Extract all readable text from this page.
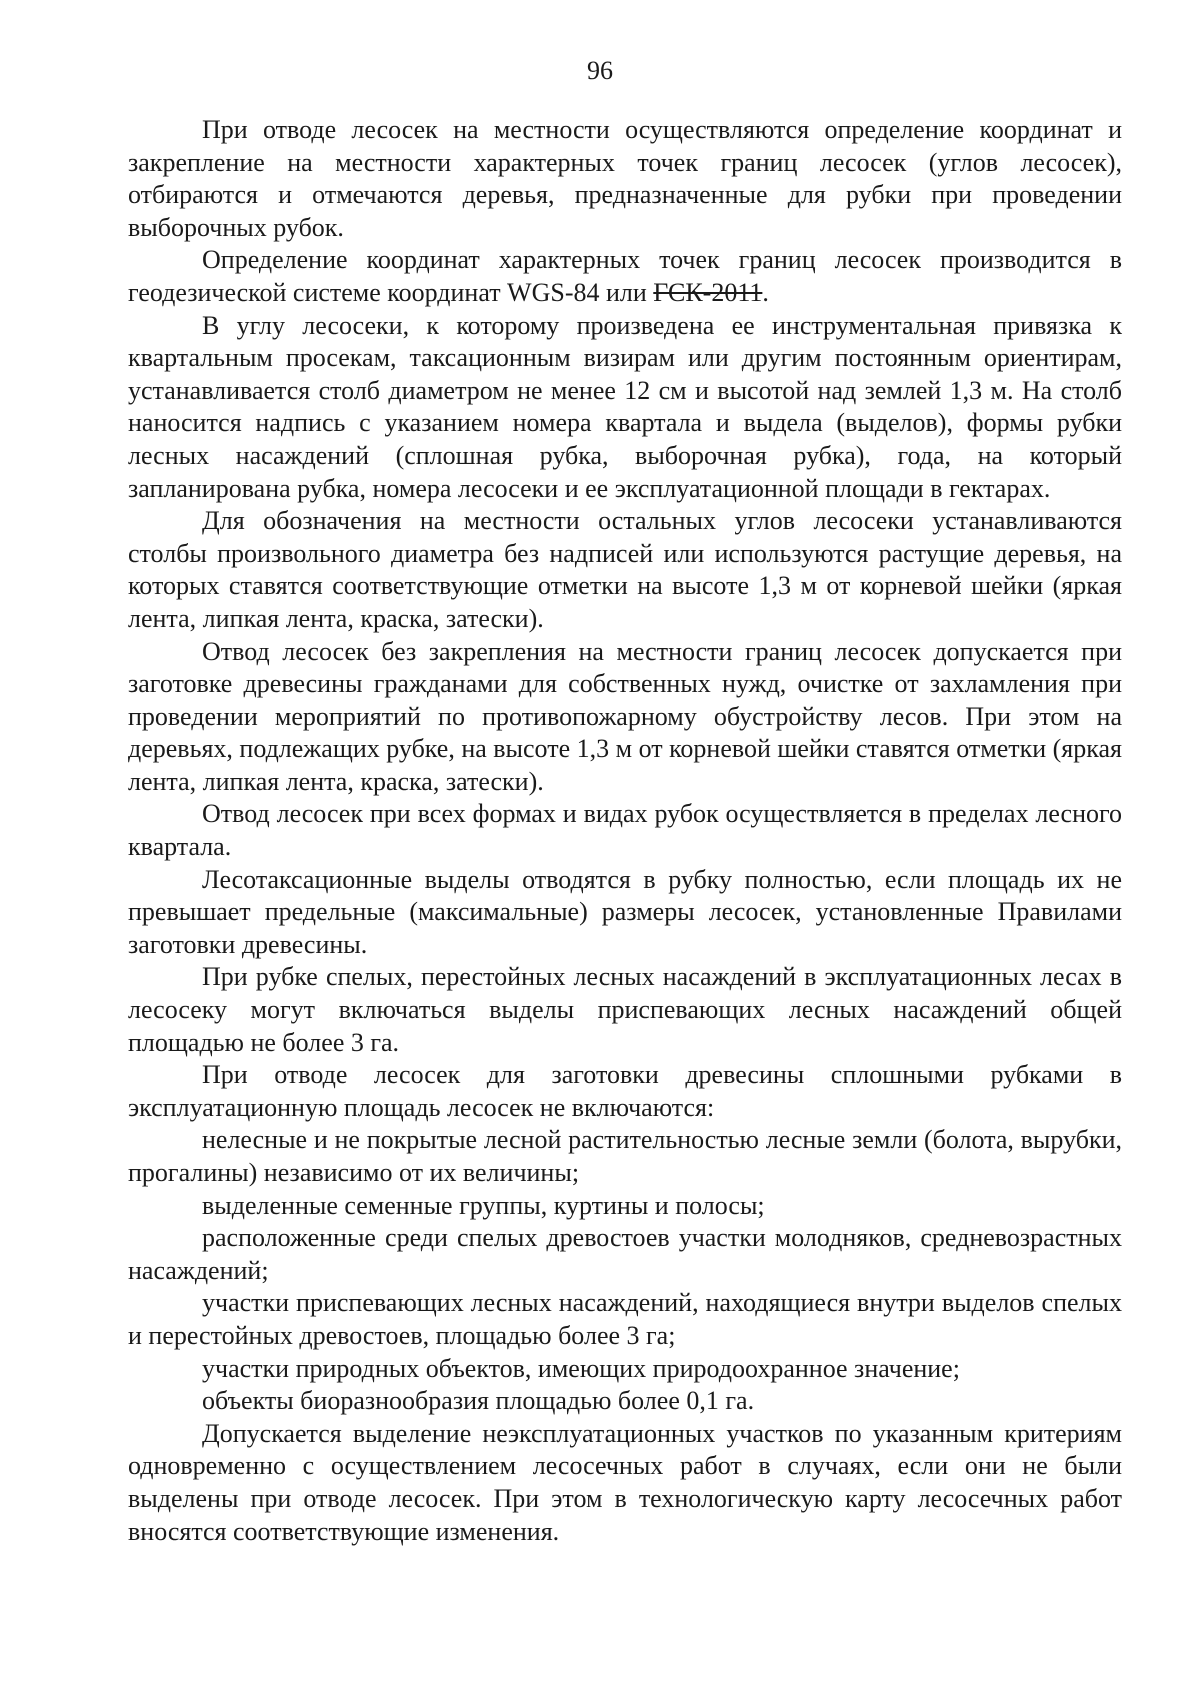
96

При отводе лесосек на местности осуществляются определение координат и закрепление на местности характерных точек границ лесосек (углов лесосек), отбираются и отмечаются деревья, предназначенные для рубки при проведении выборочных рубок.

Определение координат характерных точек границ лесосек производится в геодезической системе координат WGS-84 или ГСК-2011.

В углу лесосеки, к которому произведена ее инструментальная привязка к квартальным просекам, таксационным визирам или другим постоянным ориентирам, устанавливается столб диаметром не менее 12 см и высотой над землей 1,3 м. На столб наносится надпись с указанием номера квартала и выдела (выделов), формы рубки лесных насаждений (сплошная рубка, выборочная рубка), года, на который запланирована рубка, номера лесосеки и ее эксплуатационной площади в гектарах.

Для обозначения на местности остальных углов лесосеки устанавливаются столбы произвольного диаметра без надписей или используются растущие деревья, на которых ставятся соответствующие отметки на высоте 1,3 м от корневой шейки (яркая лента, липкая лента, краска, затески).

Отвод лесосек без закрепления на местности границ лесосек допускается при заготовке древесины гражданами для собственных нужд, очистке от захламления при проведении мероприятий по противопожарному обустройству лесов. При этом на деревьях, подлежащих рубке, на высоте 1,3 м от корневой шейки ставятся отметки (яркая лента, липкая лента, краска, затески).

Отвод лесосек при всех формах и видах рубок осуществляется в пределах лесного квартала.

Лесотаксационные выделы отводятся в рубку полностью, если площадь их не превышает предельные (максимальные) размеры лесосек, установленные Правилами заготовки древесины.

При рубке спелых, перестойных лесных насаждений в эксплуатационных лесах в лесосеку могут включаться выделы приспевающих лесных насаждений общей площадью не более 3 га.

При отводе лесосек для заготовки древесины сплошными рубками в эксплуатационную площадь лесосек не включаются:

нелесные и не покрытые лесной растительностью лесные земли (болота, вырубки, прогалины) независимо от их величины;

выделенные семенные группы, куртины и полосы;

расположенные среди спелых древостоев участки молодняков, средневозрастных насаждений;

участки приспевающих лесных насаждений, находящиеся внутри выделов спелых и перестойных древостоев, площадью более 3 га;

участки природных объектов, имеющих природоохранное значение;

объекты биоразнообразия площадью более 0,1 га.

Допускается выделение неэксплуатационных участков по указанным критериям одновременно с осуществлением лесосечных работ в случаях, если они не были выделены при отводе лесосек. При этом в технологическую карту лесосечных работ вносятся соответствующие изменения.
